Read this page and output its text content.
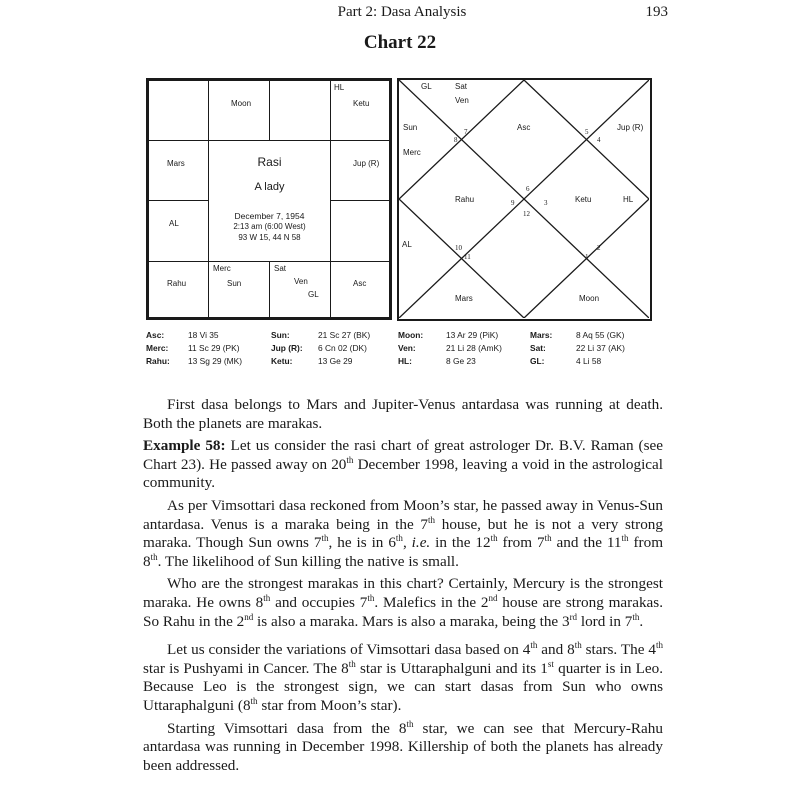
Part 2: Dasa Analysis	193
Chart 22
Moon
HL
Ketu
Mars	Jup (R)
AL
Rahu
Merc
Sun
Sat
Ven
GL
Asc
Rasi
A lady
December 7, 1954
2:13 am (6:00 West)
93 W 15, 44 N 58
GL	Sat
Ven
Sun
Merc
Asc	Jup (R)
Rahu	Ketu	HL
AL
Mars	Moon
1
2
3
4
5
6
7
8
9
10
11
12
Asc:	18 Vi 35	Sun:	21 Sc 27 (BK)	Moon:	13 Ar 29 (PiK)	Mars:	8 Aq 55 (GK)
Merc: 11 Sc 29 (PK)	Jup (R): 6 Cn 02 (DK)	Ven:	21 Li 28 (AmK)	Sat:	22 Li 37 (AK)
Rahu: 13 Sg 29 (MK)	Ketu:	13 Ge 29	HL:	8 Ge 23	GL:	4 Li 58

First dasa belongs to Mars and Jupiter-Venus antardasa was running at death. Both the planets are marakas.

Example 58: Let us consider the rasi chart of great astrologer Dr. B.V. Raman (see Chart 23). He passed away on 20th December 1998, leaving a void in the astrological community.

As per Vimsottari dasa reckoned from Moon’s star, he passed away in Venus-Sun antardasa. Venus is a maraka being in the 7th house, but he is not a very strong maraka. Though Sun owns 7th, he is in 6th, i.e. in the 12th from 7th and the 11th from 8th. The likelihood of Sun killing the native is small.

Who are the strongest marakas in this chart? Certainly, Mercury is the strongest maraka. He owns 8th and occupies 7th. Malefics in the 2nd house are strong marakas. So Rahu in the 2nd is also a maraka. Mars is also a maraka, being the 3rd lord in 7th.

Let us consider the variations of Vimsottari dasa based on 4th and 8th stars. The 4th star is Pushyami in Cancer. The 8th star is Uttaraphalguni and its 1st quarter is in Leo. Because Leo is the strongest sign, we can start dasas from Sun who owns Uttaraphalguni (8th star from Moon’s star).

Starting Vimsottari dasa from the 8th star, we can see that Mercury-Rahu antardasa was running in December 1998. Killership of both the planets has already been addressed.
